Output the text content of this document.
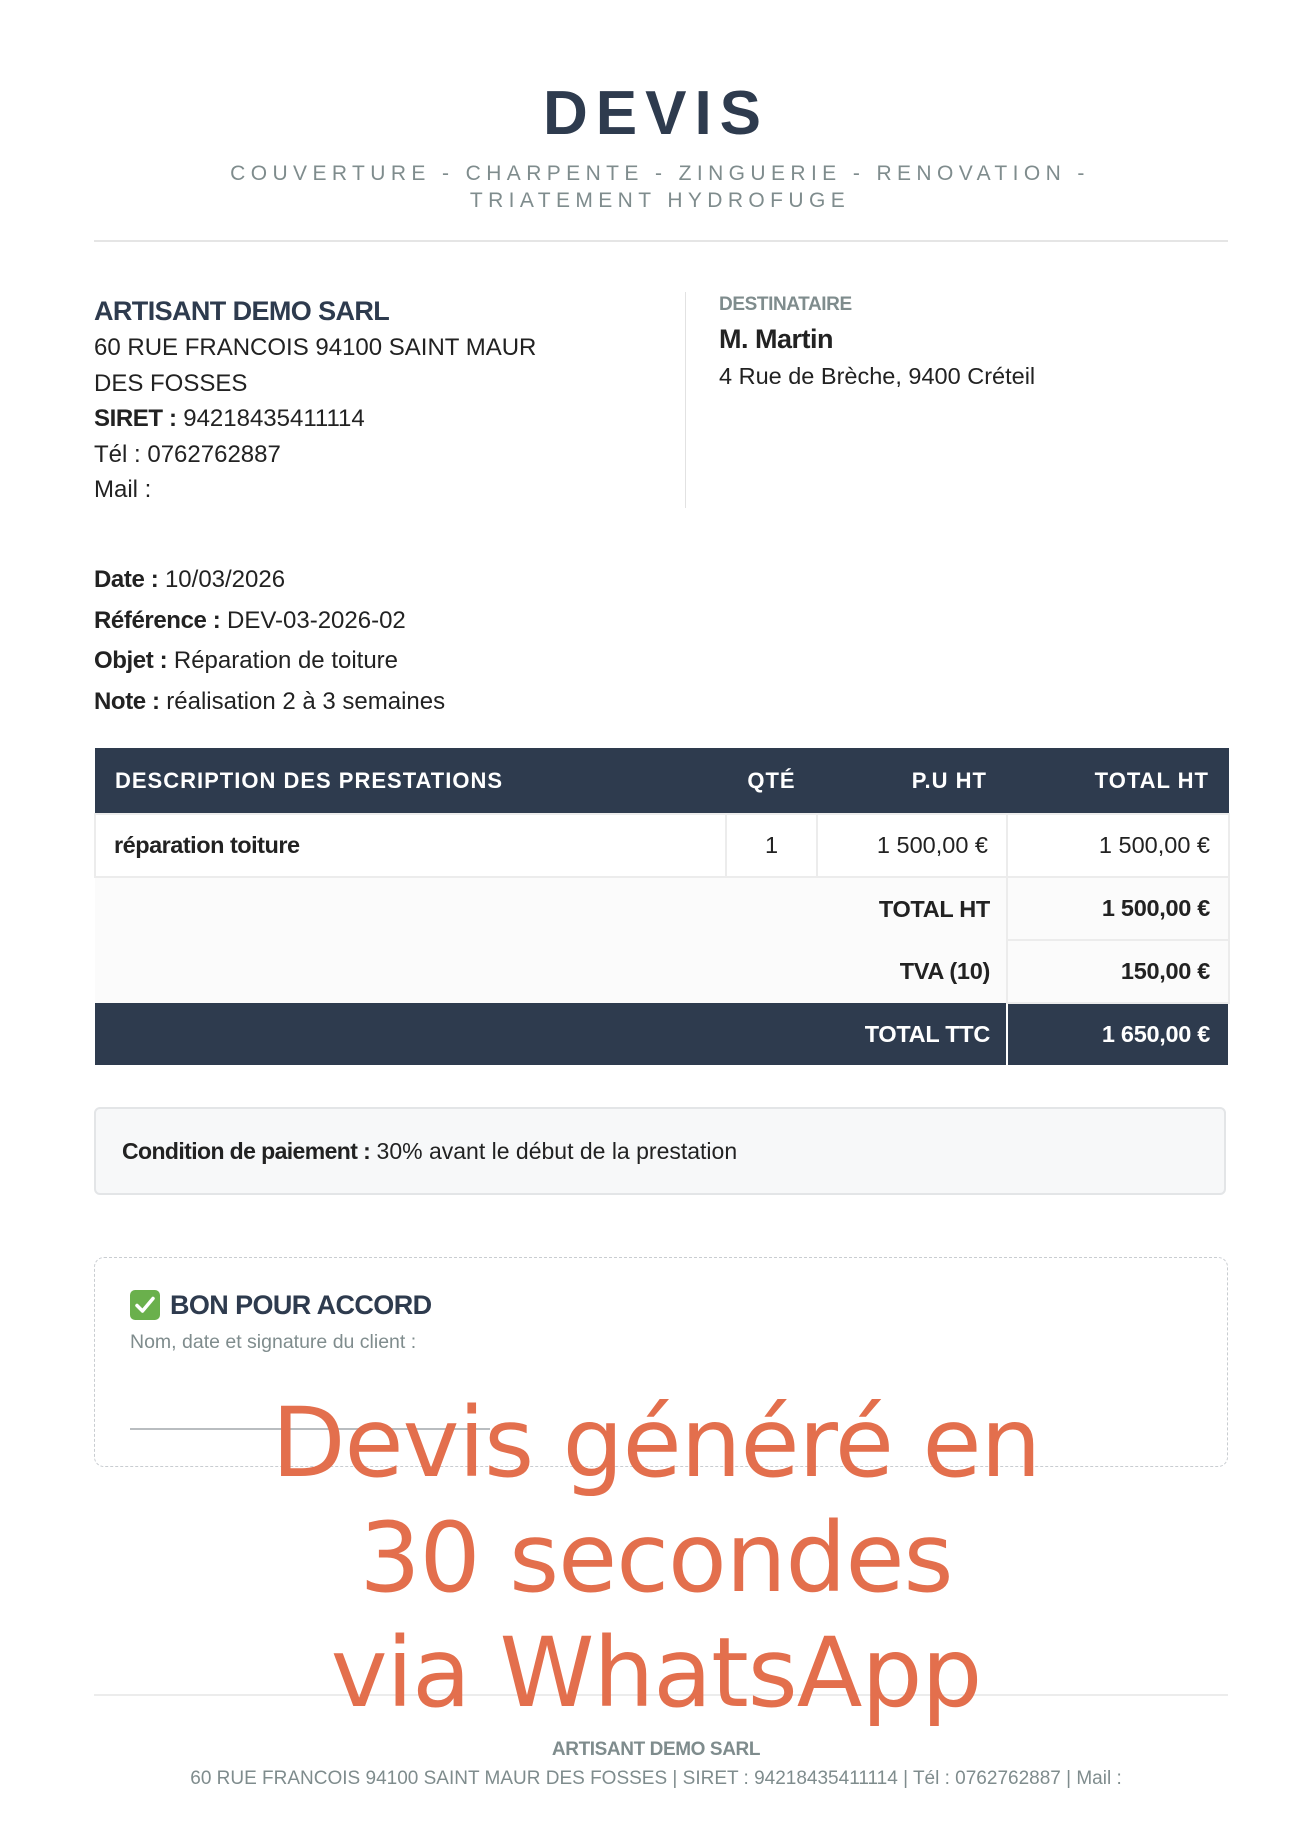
DEVIS
COUVERTURE - CHARPENTE - ZINGUERIE - RENOVATION -
TRIATEMENT HYDROFUGE
ARTISANT DEMO SARL
60 RUE FRANCOIS 94100 SAINT MAUR
DES FOSSES
SIRET : 94218435411114
Tél : 0762762887
Mail :
DESTINATAIRE
M. Martin
4 Rue de Brèche, 9400 Créteil
Date : 10/03/2026
Référence : DEV-03-2026-02
Objet : Réparation de toiture
Note : réalisation 2 à 3 semaines
DESCRIPTION DES PRESTATIONS	QTÉ	P.U HT	TOTAL HT
réparation toiture	1	1 500,00 €	1 500,00 €
TOTAL HT			1 500,00 €
TVA (10)			150,00 €
TOTAL TTC			1 650,00 €
Condition de paiement : 30% avant le début de la prestation
BON POUR ACCORD
Nom, date et signature du client :
ARTISANT DEMO SARL
60 RUE FRANCOIS 94100 SAINT MAUR DES FOSSES | SIRET : 94218435411114 | Tél : 0762762887 | Mail :
Devis généré en
30 secondes
via WhatsApp
